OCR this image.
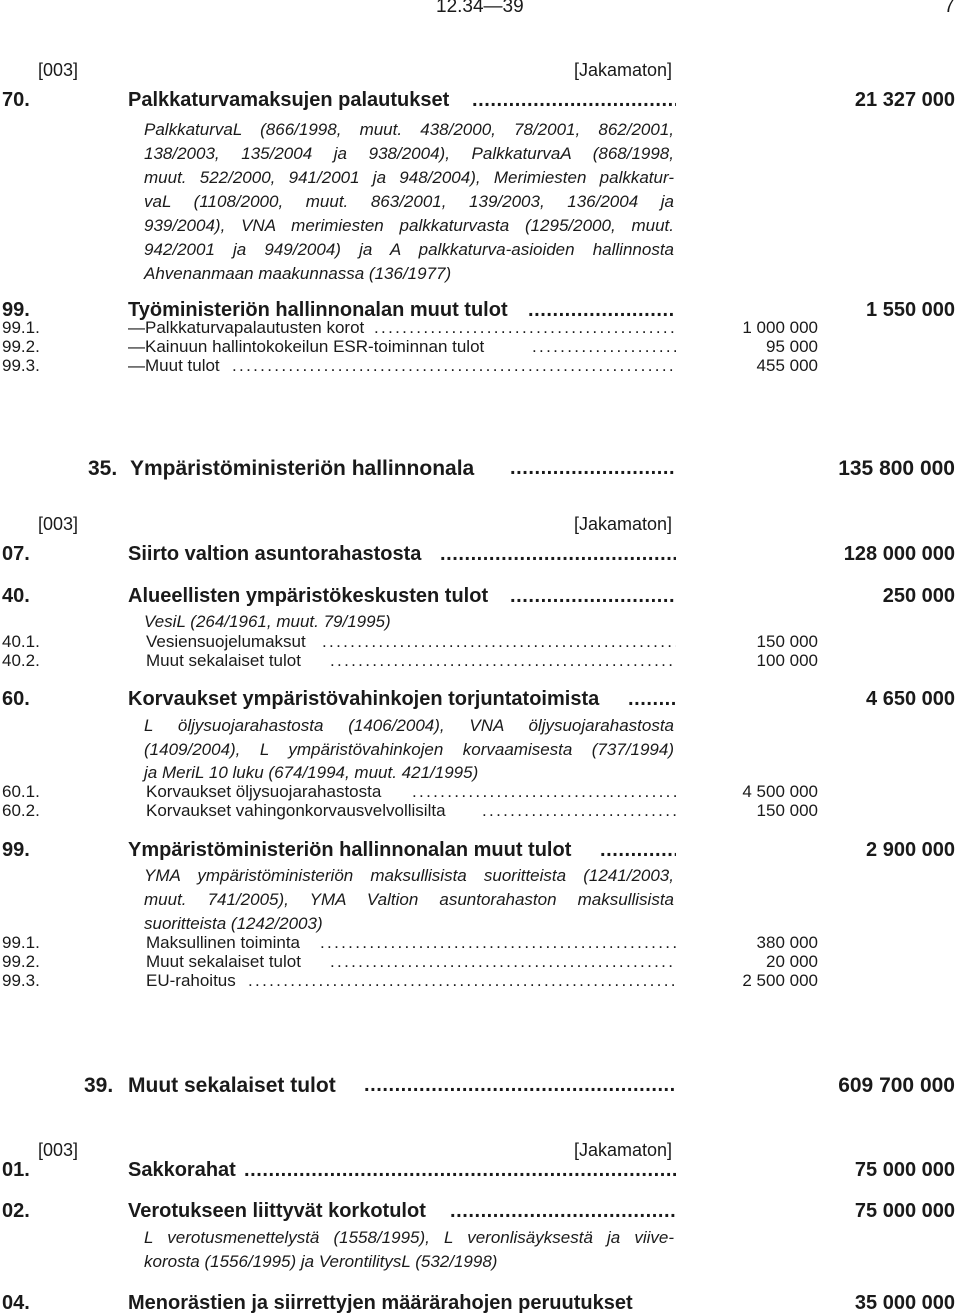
12.34—39	7
[003]	[Jakamaton]
70.	Palkkaturvamaksujen palautukset . . .	21 327 000
PalkkaturvaL (866/1998, muut. 438/2000, 78/2001, 862/2001,
138/2003, 135/2004 ja 938/2004), PalkkaturvaA (868/1998,
muut. 522/2000, 941/2001 ja 948/2004), Merimiesten palkkatur-
vaL (1108/2000, muut. 863/2001, 139/2003, 136/2004 ja
939/2004), VNA merimiesten palkkaturvasta (1295/2000, muut.
942/2001 ja 949/2004) ja A palkkaturva-asioiden hallinnosta
Ahvenanmaan maakunnassa (136/1977)
99.	Työministeriön hallinnonalan muut tulot . . .	1 550 000
99.1.	—Palkkaturvapalautusten korot . . .	1 000 000
99.2.	—Kainuun hallintokokeilun ESR-toiminnan tulot . . .	95 000
99.3.	—Muut tulot . . .	455 000
35. Ympäristöministeriön hallinnonala . . .	135 800 000
[003]	[Jakamaton]
07.	Siirto valtion asuntorahastosta . . .	128 000 000
40.	Alueellisten ympäristökeskusten tulot . . .	250 000
VesiL (264/1961, muut. 79/1995)
40.1.	Vesiensuojelumaksut . . .	150 000
40.2.	Muut sekalaiset tulot . . .	100 000
60.	Korvaukset ympäristövahinkojen torjuntatoimista . . .	4 650 000
L öljysuojarahastosta (1406/2004), VNA öljysuojarahastosta
(1409/2004), L ympäristövahinkojen korvaamisesta (737/1994)
ja MeriL 10 luku (674/1994, muut. 421/1995)
60.1.	Korvaukset öljysuojarahastosta . . .	4 500 000
60.2.	Korvaukset vahingonkorvausvelvollisilta . . .	150 000
99.	Ympäristöministeriön hallinnonalan muut tulot . . .	2 900 000
YMA ympäristöministeriön maksullisista suoritteista (1241/2003,
muut. 741/2005), YMA Valtion asuntorahaston maksullisista
suoritteista (1242/2003)
99.1.	Maksullinen toiminta . . .	380 000
99.2.	Muut sekalaiset tulot . . .	20 000
99.3.	EU-rahoitus . . .	2 500 000
39. Muut sekalaiset tulot . . .	609 700 000
[003]	[Jakamaton]
01.	Sakkorahat . . .	75 000 000
02.	Verotukseen liittyvät korkotulot . . .	75 000 000
L verotusmenettelystä (1558/1995), L veronlisäyksestä ja viive-
korosta (1556/1995) ja VerontilitysL (532/1998)
04.	Menorästien ja siirrettyjen määrärahojen peruutukset	35 000 000
